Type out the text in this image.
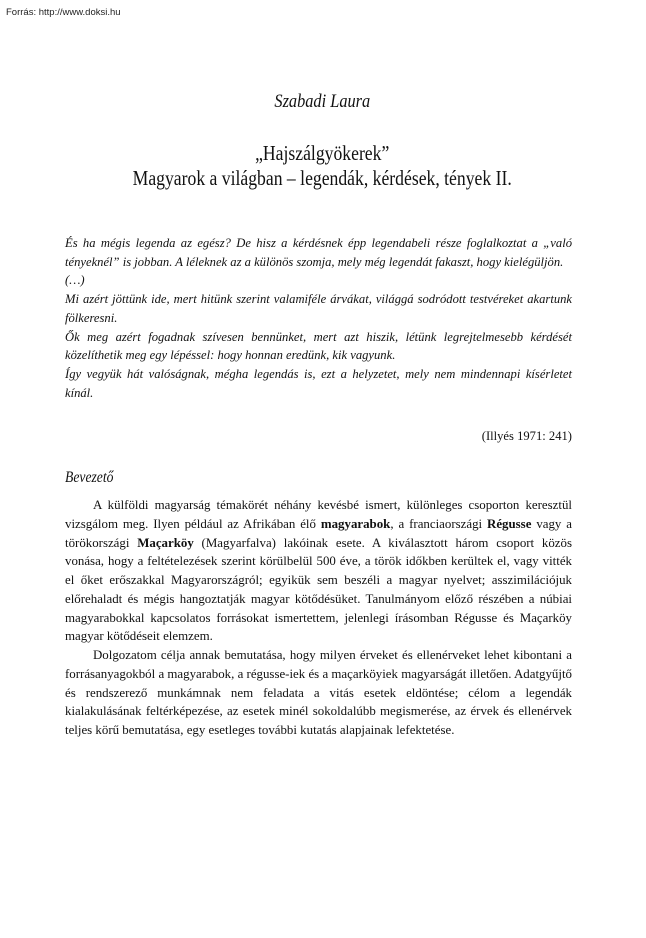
Forrás: http://www.doksi.hu
Szabadi Laura
„Hajszálgyökerek”
Magyarok a világban – legendák, kérdések, tények II.

És ha mégis legenda az egész? De hisz a kérdésnek épp legendabeli része foglalkoztat a „való tényeknél” is jobban. A léleknek az a különös szomja, mely még legendát fakaszt, hogy kielégüljön.

(…)

Mi azért jöttünk ide, mert hitünk szerint valamiféle árvákat, világgá sodródott testvéreket akartunk fölkeresni.

Ők meg azért fogadnak szívesen bennünket, mert azt hiszik, létünk legrejtelmesebb kérdését közelíthetik meg egy lépéssel: hogy honnan eredünk, kik vagyunk.

Így vegyük hát valóságnak, mégha legendás is, ezt a helyzetet, mely nem mindennapi kísérletet kínál.

(Illyés 1971: 241)
Bevezető

A külföldi magyarság témakörét néhány kevésbé ismert, különleges csoporton keresztül vizsgálom meg. Ilyen például az Afrikában élő magyarabok, a franciaországi Régusse vagy a törökországi Maçarköy (Magyarfalva) lakóinak esete. A kiválasztott három csoport közös vonása, hogy a feltételezések szerint körülbelül 500 éve, a török időkben kerültek el, vagy vitték el őket erőszakkal Magyarországról; egyikük sem beszéli a magyar nyelvet; asszimilációjuk előrehaladt és mégis hangoztatják magyar kötődésüket. Tanulmányom előző részében a núbiai magyarabokkal kapcsolatos forrásokat ismertettem, jelenlegi írásomban Régusse és Maçarköy magyar kötődéseit elemzem.

Dolgozatom célja annak bemutatása, hogy milyen érveket és ellenérveket lehet kibontani a forrásanyagokból a magyarabok, a régusse-iek és a maçarköyiek magyarságát illetően. Adatgyűjtő és rendszerező munkámnak nem feladata a vitás esetek eldöntése; célom a legendák kialakulásának feltérképezése, az esetek minél sokoldalúbb megismerése, az érvek és ellenérvek teljes körű bemutatása, egy esetleges további kutatás alapjainak lefektetése.
